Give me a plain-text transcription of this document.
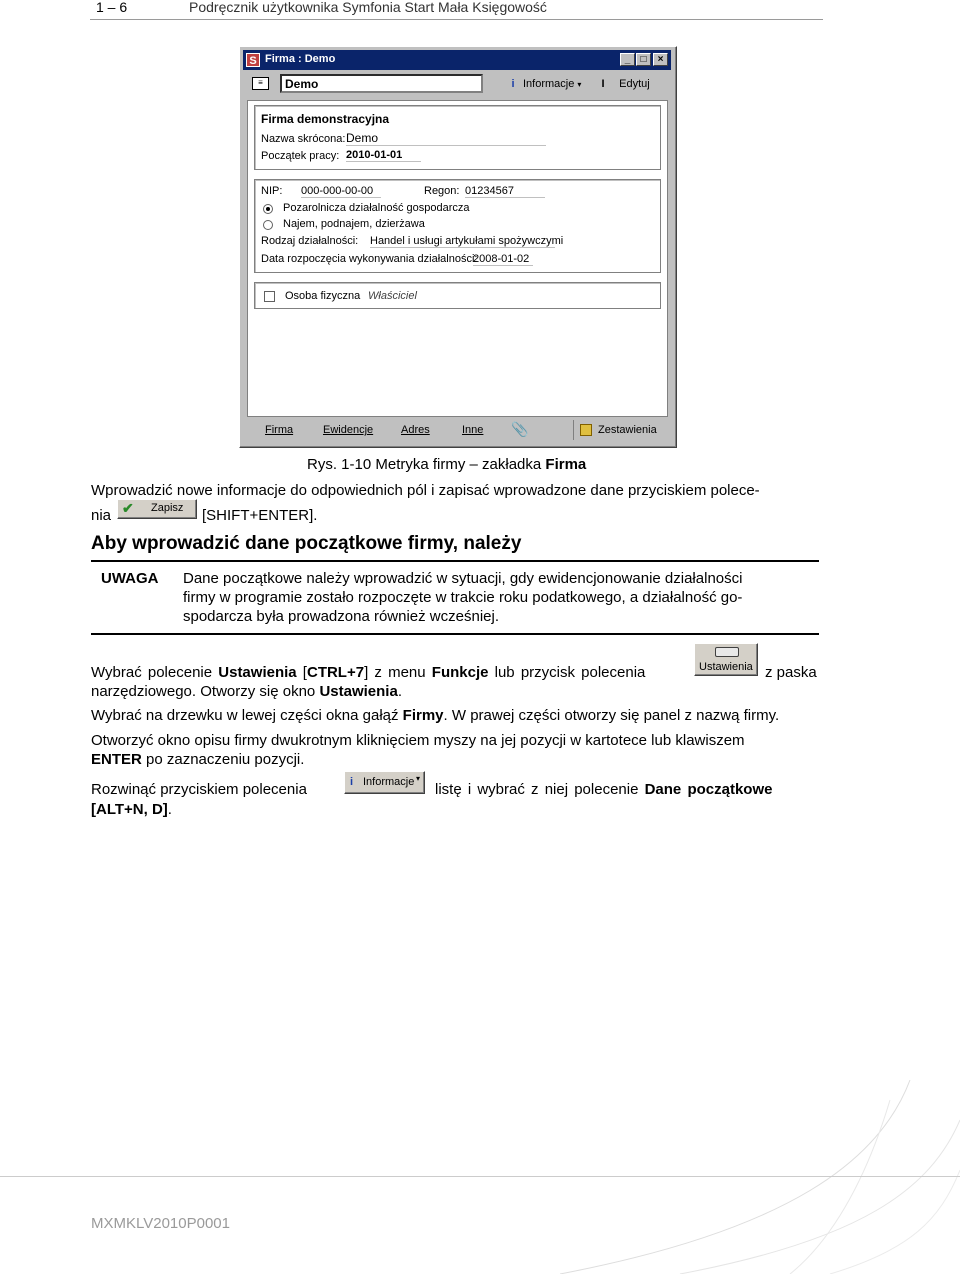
1 – 6	Podręcznik użytkownika Symfonia Start Mała Księgowość
S Firma : Demo	_	□	×
≡	Demo	i Informacje ▾	I Edytuj
Firma demonstracyjna
Nazwa skrócona: Demo
Początek pracy: 2010-01-01
NIP: 000-000-00-00	Regon: 01234567
Pozarolnicza działalność gospodarcza
Najem, podnajem, dzierżawa
Rodzaj działalności: Handel i usługi artykułami spożywczymi
Data rozpoczęcia wykonywania działalności:
2008-01-02
Osoba fizyczna Właściciel
Firma	Ewidencje	Adres	Inne 📎	Zestawienia
Rys. 1-10 Metryka firmy – zakładka Firma
Wprowadzić nowe informacje do odpowiednich pól i zapisać wprowadzone dane przyciskiem polece-
nia ✔ Zapisz [SHIFT+ENTER].
Aby wprowadzić dane początkowe firmy, należy
UWAGA Dane początkowe należy wprowadzić w sytuacji, gdy ewidencjonowanie działalności
firmy w programie zostało rozpoczęte w trakcie roku podatkowego, a działalność go-
spodarcza była prowadzona również wcześniej.
Wybrać polecenie Ustawienia [CTRL+7] z menu Funkcje lub przycisk polecenia	Ustawienia z paska
narzędziowego. Otworzy się okno Ustawienia.
Wybrać na drzewku w lewej części okna gałąź Firmy. W prawej części otworzy się panel z nazwą firmy.
Otworzyć okno opisu firmy dwukrotnym kliknięciem myszy na jej pozycji w kartotece lub klawiszem
ENTER po zaznaczeniu pozycji.
Rozwinąć przyciskiem polecenia	i Informacje ▾
listę i wybrać z niej polecenie Dane początkowe
[ALT+N, D].
MXMKLV2010P0001
